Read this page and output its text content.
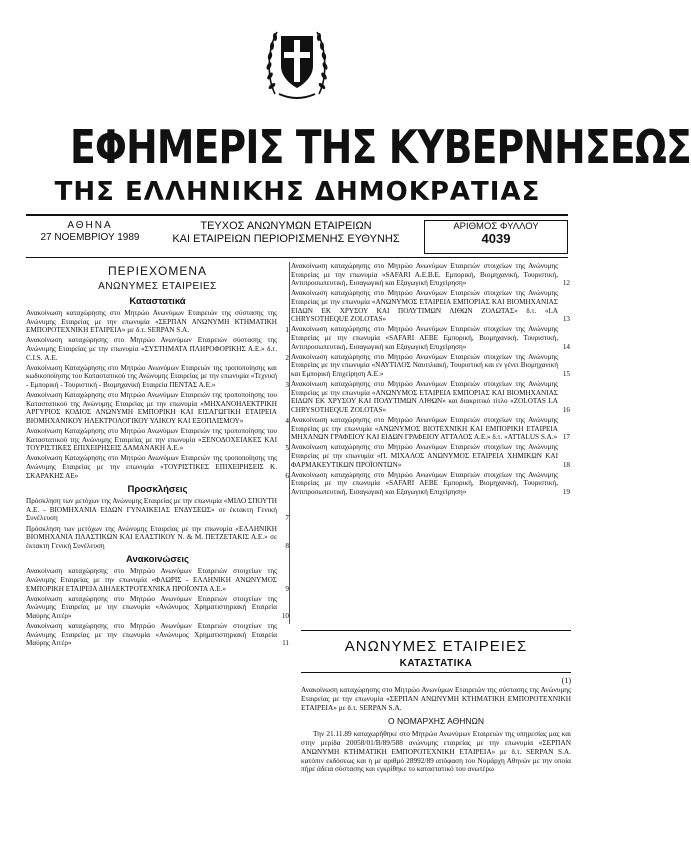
ΕΦΗΜΕΡΙΣ ΤΗΣ ΚΥΒΕΡΝΗΣΕΩΣ
ΤΗΣ ΕΛΛΗΝΙΚΗΣ ΔΗΜΟΚΡΑΤΙΑΣ
ΑΘΗΝΑ
27 ΝΟΕΜΒΡΙΟΥ 1989
ΤΕΥΧΟΣ ΑΝΩΝΥΜΩΝ ΕΤΑΙΡΕΙΩΝ
ΚΑΙ ΕΤΑΙΡΕΙΩΝ ΠΕΡΙΟΡΙΣΜΕΝΗΣ ΕΥΘΥΝΗΣ
ΑΡΙΘΜΟΣ ΦΥΛΛΟΥ
4039
ΠΕΡΙΕΧΟΜΕΝΑ
ΑΝΩΝΥΜΕΣ ΕΤΑΙΡΕΙΕΣ
Καταστατικά
Ανακοίνωση καταχώρησης στο Μητρώο Ανωνύμων Εταιρειών της σύστασης της Ανώνυμης Εταιρείας με την επωνυμία «ΣΕΡΠΑΝ ΑΝΩΝΥΜΗ ΚΤΗΜΑΤΙΚΗ ΕΜΠΟΡΟΤΕΧΝΙΚΗ ΕΤΑΙΡΕΙΑ» με δ.τ. SERPAN S.A.	1
Ανακοίνωση καταχώρησης στο Μητρώο Ανωνύμων Εταιρειών σύστασης της Ανώνυμης Εταιρείας με την επωνυμία «ΣΥΣΤΗΜΑΤΑ ΠΛΗΡΟΦΟΡΙΚΗΣ Α.Ε.» δ.τ. C.I.S. Α.Ε.	2
Ανακοίνωση Καταχώρησης στο Μητρώο Ανωνύμων Εταιρειών της τροποποίησης και κωδικοποίησης του Καταστατικού της Ανώνυμης Εταιρείας με την επωνυμία «Τεχνική - Εμπορική - Τουριστική - Βιομηχανική Εταιρεία ΠΕΝΤΑΣ Α.Ε.»	3
Ανακοίνωση Καταχώρησης στο Μητρώο Ανωνύμων Εταιρειών της τροποποίησης του Καταστατικού της Ανώνυμης Εταιρείας με την επωνυμία «ΜΗΧΑΝΟΗΛΕΚΤΡΙΚΗ ΑΡΓΥΡΙΟΣ ΚΟΔΙΟΣ ΑΝΩΝΥΜΗ ΕΜΠΟΡΙΚΗ ΚΑΙ ΕΙΣΑΓΩΓΙΚΗ ΕΤΑΙΡΕΙΑ ΒΙΟΜΗΧΑΝΙΚΟΥ ΗΛΕΚΤΡΟΛΟΓΙΚΟΥ ΥΛΙΚΟΥ ΚΑΙ ΕΞΟΠΛΙΣΜΟΥ»	4
Ανακοίνωση Καταχώρησης στο Μητρώο Ανωνύμων Εταιρειών της τροποποίησης του Καταστατικού της Ανώνυμης Εταιρείας με την επωνυμία «ΞΕΝΟΔΟΧΕΙΑΚΕΣ ΚΑΙ ΤΟΥΡΙΣΤΙΚΕΣ ΕΠΙΧΕΙΡΗΣΕΙΣ ΔΑΜΑΝΑΚΗ Α.Ε.»	5
Ανακοίνωση Καταχώρησης στο Μητρώο Ανωνύμων Εταιρειών της τροποποίησης της Ανώνυμης Εταιρείας με την επωνυμία «ΤΟΥΡΙΣΤΙΚΕΣ ΕΠΙΧΕΙΡΗΣΕΙΣ Κ. ΣΚΑΡΑΚΗΣ ΑΕ»	6
Προσκλήσεις
Πρόσκληση των μετόχων της Ανώνυμης Εταιρείας με την επωνυμία «ΜΙΛΟ ΣΠΟΥΤΗ Α.Ε. - ΒΙΟΜΗΧΑΝΙΑ ΕΙΔΩΝ ΓΥΝΑΙΚΕΙΑΣ ΕΝΔΥΣΕΩΣ» σε έκτακτη Γενική Συνέλευση	7
Πρόσκληση των μετόχων της Ανώνυμης Εταιρείας με την επωνυμία «ΕΛΛΗΝΙΚΗ ΒΙΟΜΗΧΑΝΙΑ ΠΛΑΣΤΙΚΩΝ ΚΑΙ ΕΛΑΣΤΙΚΟΥ Ν. & Μ. ΠΕΤΖΕΤΑΚΙΣ Α.Ε.» σε έκτακτη Γενική Συνέλευση	8
Ανακοινώσεις
Ανακοίνωση καταχώρησης στο Μητρώο Ανωνύμων Εταιρειών στοιχείων της Ανώνυμης Εταιρείας με την επωνυμία «ΦΛΩΡΙΣ - ΕΛΛΗΝΙΚΗ ΑΝΩΝΥΜΟΣ ΕΜΠΟΡΙΚΗ ΕΤΑΙΡΕΙΑ ΔΙΗΛΕΚΤΡΟΤΕΧΝΙΚΑ ΠΡΟΪΟΝΤΑ Α.Ε.»	9
Ανακοίνωση καταχώρησης στο Μητρώο Ανωνύμων Εταιρειών στοιχείων της Ανώνυμης Εταιρείας με την επωνυμία «Ανώνυμος Χρηματιστηριακή Εταιρεία Μαύρης Αιτέρ»	10
Ανακοίνωση καταχώρησης στο Μητρώο Ανωνύμων Εταιρειών στοιχείων της Ανώνυμης Εταιρείας με την επωνυμία «Ανώνυμος Χρηματιστηριακή Εταιρεία Μαύρης Αιτέρ»	11
Ανακοίνωση καταχώρησης στο Μητρώο Ανωνύμων Εταιρειών στοιχείων της Ανώνυμης Εταιρείας με την επωνυμία «SAFARI A.E.B.E. Εμπορική, Βιομηχανική, Τουριστική, Αντιπροσωπευτική, Εισαγωγική και Εξαγωγική Επιχείρηση»	12
Ανακοίνωση καταχώρησης στο Μητρώο Ανωνύμων Εταιρειών στοιχείων της Ανώνυμης Εταιρείας με την επωνυμία «ΑΝΩΝΥΜΟΣ ΕΤΑΙΡΕΙΑ ΕΜΠΟΡΙΑΣ ΚΑΙ ΒΙΟΜΗΧΑΝΙΑΣ ΕΙΔΩΝ ΕΚ ΧΡΥΣΟΥ ΚΑΙ ΠΟΛΥΤΙΜΩΝ ΛΙΘΩΝ ΖΟΛΩΤΑΣ» δ.τ. «LA CHRYSOTHEQUE ZOLOTAS»	13
Ανακοίνωση καταχώρησης στο Μητρώο Ανωνύμων Εταιρειών στοιχείων της Ανώνυμης Εταιρείας με την επωνυμία «SAFARI AEBE Εμπορική, Βιομηχανική, Τουριστική, Αντιπροσωπευτική, Εισαγωγική και Εξαγωγική Επιχείρηση»	14
Ανακοίνωση καταχώρησης στο Μητρώο Ανωνύμων Εταιρειών στοιχείων της Ανώνυμης Εταιρείας με την επωνυμία «ΝΑΥΤΙΛΟΣ Ναυτιλιακή, Τουριστική και εν γένει Βιομηχανική και Εμπορική Επιχείρηση Α.Ε.»	15
Ανακοίνωση καταχώρησης στο Μητρώο Ανωνύμων Εταιρειών στοιχείων της Ανώνυμης Εταιρείας με την επωνυμία «ΑΝΩΝΥΜΟΣ ΕΤΑΙΡΕΙΑ ΕΜΠΟΡΙΑΣ ΚΑΙ ΒΙΟΜΗΧΑΝΙΑΣ ΕΙΔΩΝ ΕΚ ΧΡΥΣΟΥ ΚΑΙ ΠΟΛΥΤΙΜΩΝ ΛΙΘΩΝ» και διακριτικό τίτλο «ZOLOTAS LA CHRYSOTHEQUE ZOLOTAS»	16
Ανακοίνωση καταχώρησης στο Μητρώο Ανωνύμων Εταιρειών στοιχείων της Ανώνυμης Εταιρείας με την επωνυμία «ΑΝΩΝΥΜΟΣ ΒΙΟΤΕΧΝΙΚΗ ΚΑΙ ΕΜΠΟΡΙΚΗ ΕΤΑΙΡΕΙΑ ΜΗΧΑΝΩΝ ΓΡΑΦΕΙΟΥ ΚΑΙ ΕΙΔΩΝ ΓΡΑΦΕΙΟΥ ΑΤΤΑΛΟΣ Α.Ε.» δ.τ. «ATTALUS S.A.» 17
Ανακοίνωση καταχώρησης στο Μητρώο Ανωνύμων Εταιρειών στοιχείων της Ανώνυμης Εταιρείας με την επωνυμία «Π. ΜΙΧΑΛΟΣ ΑΝΩΝΥΜΟΣ ΕΤΑΙΡΕΙΑ ΧΗΜΙΚΩΝ ΚΑΙ ΦΑΡΜΑΚΕΥΤΙΚΩΝ ΠΡΟΪΟΝΤΩΝ»	18
Ανακοίνωση καταχώρησης στο Μητρώο Ανωνύμων Εταιρειών στοιχείων της Ανώνυμης Εταιρείας με την επωνυμία «SAFARI AEBE Εμπορική, Βιομηχανική, Τουριστική, Αντιπροσωπευτική, Εισαγωγική και Εξαγωγική Επιχείρηση»	19
ΑΝΩΝΥΜΕΣ ΕΤΑΙΡΕΙΕΣ
ΚΑΤΑΣΤΑΤΙΚΑ
(1)

Ανακοίνωση καταχώρησης στο Μητρώο Ανωνύμων Εταιρειών της σύστασης της Ανώνυμης Εταιρείας με την επωνυμία «ΣΕΡΠΑΝ ΑΝΩΝΥΜΗ ΚΤΗΜΑΤΙΚΗ ΕΜΠΟΡΟΤΕΧΝΙΚΗ ΕΤΑΙΡΕΙΑ» με δ.τ. SERPAN S.A.

Ο ΝΟΜΑΡΧΗΣ ΑΘΗΝΩΝ

Την 21.11.89 καταχωρήθηκε στο Μητρώο Ανωνύμων Εταιρειών της υπηρεσίας μας και στην μερίδα 20058/01/Β/89/588 ανώνυμης εταιρείας με την επωνυμία «ΣΕΡΠΑΝ ΑΝΩΝΥΜΗ ΚΤΗΜΑΤΙΚΗ ΕΜΠΟΡΟΤΕΧΝΙΚΗ ΕΤΑΙΡΕΙΑ» με δ.τ. SERPAN S.A. κατόπιν εκδόσεως και η με αριθμό 28992/89 απόφαση του Νομάρχη Αθηνών με την οποία πήρε άδεια σύστασης και εγκρίθηκε το καταστατικό του ανωτέρω
